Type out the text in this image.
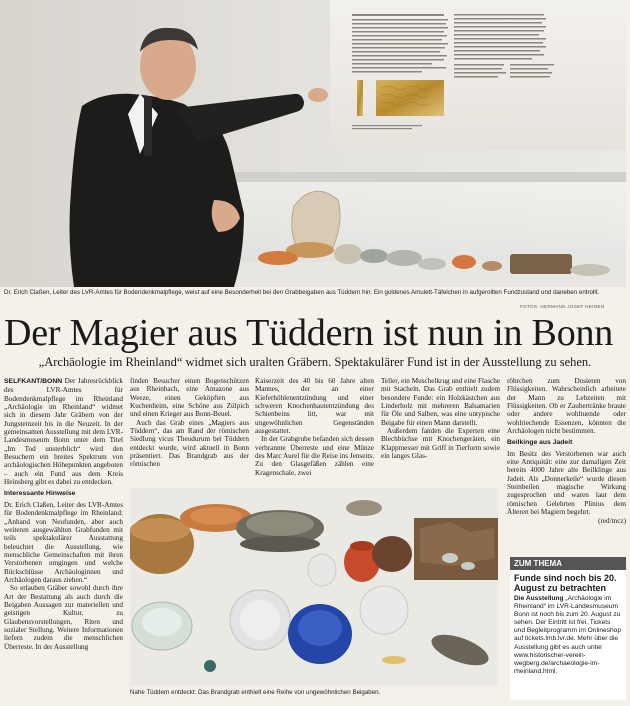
Dr. Erich Claßen, Leiter des LVR-Amtes für Bodendenkmalpflege, weist auf eine Besonderheit bei den Grabbeigaben aus Tüddern hin: Ein goldenes Amulett-Täfelchen in aufgerollten Fundzustand und daneben entrollt.
FOTOS: HERMANN JOSEF HEINEN
Der Magier aus Tüddern ist nun in Bonn
„Archäologie im Rheinland“ widmet sich uralten Gräbern. Spektakulärer Fund ist in der Ausstellung zu sehen.

SELFKANT/BONN Der Jahresrückblick des LVR-Amtes für Bodendenkmalpflege im Rheinland „Archäologie im Rheinland“ widmet sich in diesem Jahr Gräbern von der Jungsteinzeit bis in die Neuzeit. In der gemeinsamen Ausstellung mit dem LVR-Landesmuseum Bonn unter dem Titel „Im Tod unsterblich“ wird den Besuchern ein breites Spektrum von archäologischen Höhepunkten angeboten – auch ein Fund aus dem Kreis Heinsberg gibt es dabei zu entdecken.

Interessante Hinweise

Dr. Erich Claßen, Leiter des LVR-Amtes für Bodendenkmalpflege im Rheinland: „Anhand von Neufunden, aber auch weiteren ausgewählten Grabfunden mit teils spektakulärer Ausstattung beleuchtet die Ausstellung, wie menschliche Gemeinschaften mit ihren Verstorbenen umgingen und welche Rückschlüsse Archäologinnen und Archäologen daraus ziehen.“

So erlauben Gräber sowohl durch ihre Art der Bestattung als auch durch die Beigaben Aussagen zur materiellen und geistigen Kultur, zu Glaubensvorstellungen, Riten und sozialer Stellung. Weitere Informationen liefern zudem die menschlichen Überreste. In der Ausstellung

finden Besucher einen Bogenschützen aus Rheinbach, eine Amazone aus Weeze, einen Geköpften aus Kuchenheim, eine Schöne aus Zülpich und einen Krieger aus Bonn-Beuel.

Auch das Grab eines „Magiers aus Tüddern“, das am Rand der römischen Siedlung vicus Theudurum bei Tüddern entdeckt wurde, wird aktuell in Bonn präsentiert. Das Brandgrab aus der römischen

Kaiserzeit des 40 bis 60 Jahre alten Mannes, der an einer Kieferhöhlenentzündung und einer schweren Knochenhautentzündung des Schienbeins litt, war mit ungewöhnlichen Gegenständen ausgestattet.

In der Grabgrube befanden sich dessen verbrannte Überreste und eine Münze des Marc Aurel für die Reise ins Jenseits. Zu den Glasgefäßen zählen eine Kragenschale, zwei

Teller, ein Muschelkrug und eine Flasche mit Stacheln. Das Grab enthielt zudem besondere Funde: ein Holzkästchen aus Linderholz mit mehreren Balsamarien für Öle und Salben, was eine untypische Beigabe für einen Mann darstellt.

Außerdem fanden die Experten eine Blechbüchse mit Knochengeräten, ein Klappmesser mit Griff in Tierform sowie ein langes Glas-

röhrchen zum Dosieren von Flüssigkeiten. Wahrscheinlich arbeitete der Mann zu Lebzeiten mit Flüssigkeiten. Ob er Zaubertränke braute oder andere wohltuende oder wohlriechende Essenzen, könnten die Archäologen nicht bestimmen.

Beilkinge aus Jadeit

Im Besitz des Verstorbenen war auch eine Antiquität: eine zur damaligen Zeit bereits 4000 Jahre alte Beilklinge aus Jadeit. Als „Donnerkeile“ wurde diesen Steinbeilen magische Wirkung zugesprochen und waren laut dem römischen Gelehrten Plinius dem Älteren bei Magiern begehrt.

(red/mcz)
Nahe Tüddern entdeckt: Das Brandgrab enthielt eine Reihe von ungewöhnlichen Beigaben.
ZUM THEMA
Funde sind noch bis 20. August zu betrachten
Die Ausstellung „Archäologie im Rheinland“ im LVR-Landesmuseum Bonn ist noch bis zum 20. August zu sehen. Der Eintritt ist frei. Tickets und Begleitprogramm im Onlineshop auf tickets.lmb.lvr.de. Mehr über die Ausstellung gibt es auch unter www.historischer-verein-wegberg.de/archaeologie-im-rheinland.html.
